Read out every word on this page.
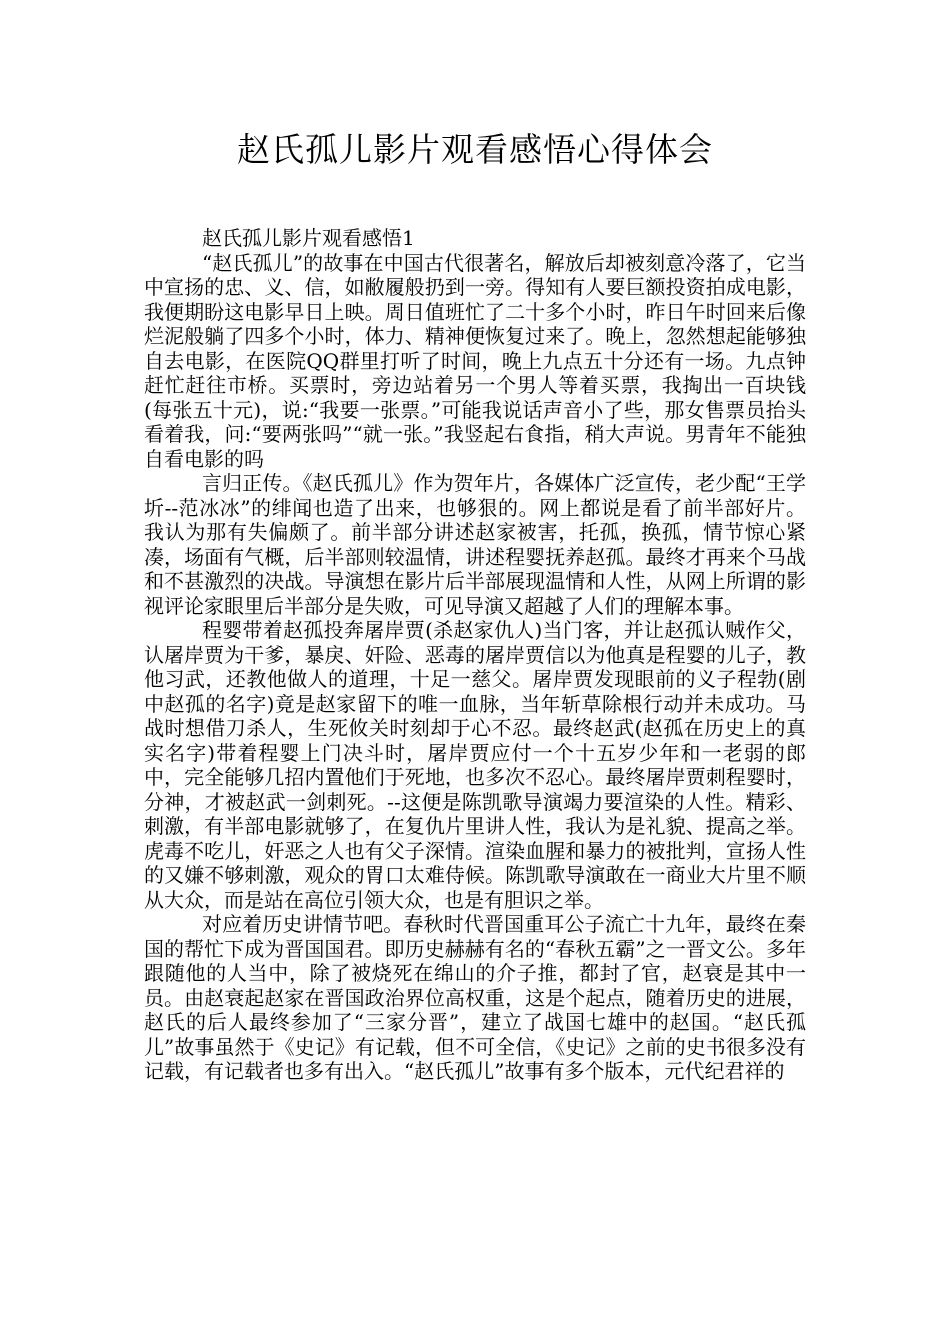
赵氏孤儿影片观看感悟心得体会
赵氏孤儿影片观看感悟1

“赵氏孤儿”的故事在中国古代很著名，解放后却被刻意冷落了，它当中宣扬的忠、义、信，如敝履般扔到一旁。得知有人要巨额投资拍成电影，我便期盼这电影早日上映。周日值班忙了二十多个小时，昨日午时回来后像烂泥般躺了四多个小时，体力、精神便恢复过来了。晚上，忽然想起能够独自去电影，在医院QQ群里打听了时间，晚上九点五十分还有一场。九点钟赶忙赶往市桥。买票时，旁边站着另一个男人等着买票，我掏出一百块钱(每张五十元)，说:“我要一张票。”可能我说话声音小了些，那女售票员抬头看着我，问:“要两张吗”“就一张。”我竖起右食指，稍大声说。男青年不能独自看电影的吗

言归正传。《赵氏孤儿》作为贺年片，各媒体广泛宣传，老少配“王学圻--范冰冰”的绯闻也造了出来，也够狠的。网上都说是看了前半部好片。我认为那有失偏颇了。前半部分讲述赵家被害，托孤，换孤，情节惊心紧凑，场面有气概，后半部则较温情，讲述程婴抚养赵孤。最终才再来个马战和不甚激烈的决战。导演想在影片后半部展现温情和人性，从网上所谓的影视评论家眼里后半部分是失败，可见导演又超越了人们的理解本事。

程婴带着赵孤投奔屠岸贾(杀赵家仇人)当门客，并让赵孤认贼作父，认屠岸贾为干爹，暴戾、奸险、恶毒的屠岸贾信以为他真是程婴的儿子，教他习武，还教他做人的道理，十足一慈父。屠岸贾发现眼前的义子程勃(剧中赵孤的名字)竟是赵家留下的唯一血脉，当年斩草除根行动并未成功。马战时想借刀杀人，生死攸关时刻却于心不忍。最终赵武(赵孤在历史上的真实名字)带着程婴上门决斗时，屠岸贾应付一个十五岁少年和一老弱的郎中，完全能够几招内置他们于死地，也多次不忍心。最终屠岸贾刺程婴时，分神，才被赵武一剑刺死。--这便是陈凯歌导演竭力要渲染的人性。精彩、刺激，有半部电影就够了，在复仇片里讲人性，我认为是礼貌、提高之举。虎毒不吃儿，奸恶之人也有父子深情。渲染血腥和暴力的被批判，宣扬人性的又嫌不够刺激，观众的胃口太难侍候。陈凯歌导演敢在一商业大片里不顺从大众，而是站在高位引领大众，也是有胆识之举。

对应着历史讲情节吧。春秋时代晋国重耳公子流亡十九年，最终在秦国的帮忙下成为晋国国君。即历史赫赫有名的“春秋五霸”之一晋文公。多年跟随他的人当中，除了被烧死在绵山的介子推，都封了官，赵衰是其中一员。由赵衰起赵家在晋国政治界位高权重，这是个起点，随着历史的进展，赵氏的后人最终参加了“三家分晋”，建立了战国七雄中的赵国。“赵氏孤儿”故事虽然于《史记》有记载，但不可全信，《史记》之前的史书很多没有记载，有记载者也多有出入。“赵氏孤儿”故事有多个版本，元代纪君祥的
